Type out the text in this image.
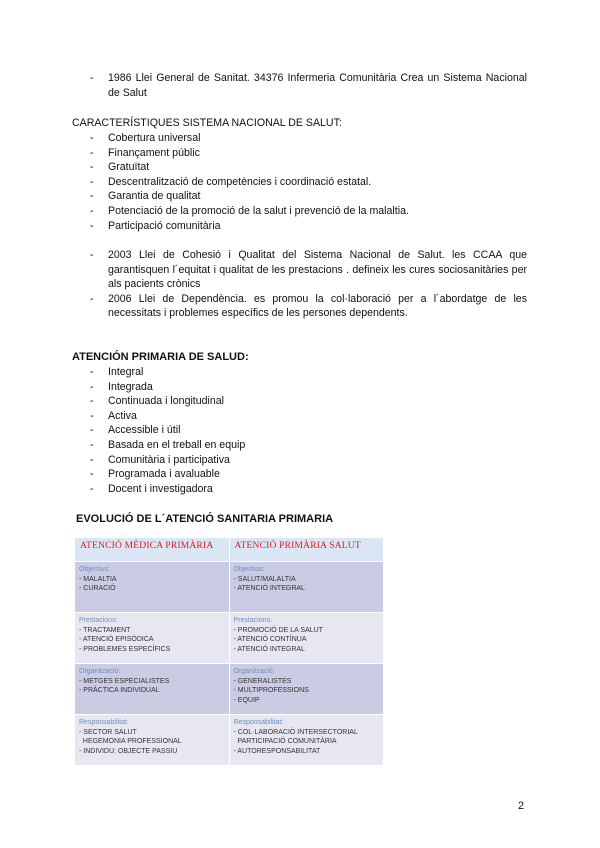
- 1986 Llei General de Sanitat. 34376 Infermeria Comunitària Crea un Sistema Nacional de Salut
CARACTERÍSTIQUES SISTEMA NACIONAL DE SALUT:
- Cobertura universal
- Finançament públic
- Gratuïtat
- Descentralització de competències i coordinació estatal.
- Garantia de qualitat
- Potenciació de la promoció de la salut i prevenció de la malaltia.
- Participació comunitària
- 2003 Llei de Cohesió i Qualitat del Sistema Nacional de Salut. les CCAA que garantisquen l´equitat i qualitat de les prestacions . defineix les cures sociosanitàries per als pacients crònics
- 2006 Llei de Dependència. es promou la col·laboració per a l´abordatge de les necessitats i problemes específics de les persones dependents.
ATENCIÓN PRIMARIA DE SALUD:
- Integral
- Integrada
- Continuada i longitudinal
- Activa
- Accessible i útil
- Basada en el treball en equip
- Comunitària i participativa
- Programada i avaluable
- Docent i investigadora
EVOLUCIÓ DE L´ATENCIÓ SANITARIA PRIMARIA
ATENCIÓ MÈDICA PRIMÀRIA	ATENCIÓ PRIMÀRIA SALUT

Objectius:
- MALALTIA
- CURACIÓ	Objectius:
- SALUT/MALALTIA
- ATENCIÓ INTEGRAL

Prestacions:
- TRACTAMENT
- ATENCIÓ EPISÒDICA
- PROBLEMES ESPECÍFICS	Prestacions:
- PROMOCIÓ DE LA SALUT
- ATENCIÓ CONTÍNUA
- ATENCIÓ INTEGRAL

Organització:
- METGES ESPECIALISTES
- PRÀCTICA INDIVIDUAL	Organització:
- GENERALISTES
- MULTIPROFESSIONS
- EQUIP

Responsabilitat:
- SECTOR SALUT
HEGEMONIA PROFESSIONAL
- INDIVIDU: OBJECTE PASSIU	Responsabilitat:
- COL·LABORACIÓ INTERSECTORIAL
PARTICIPACIÓ COMUNITÀRIA
- AUTORESPONSABILITAT
2
